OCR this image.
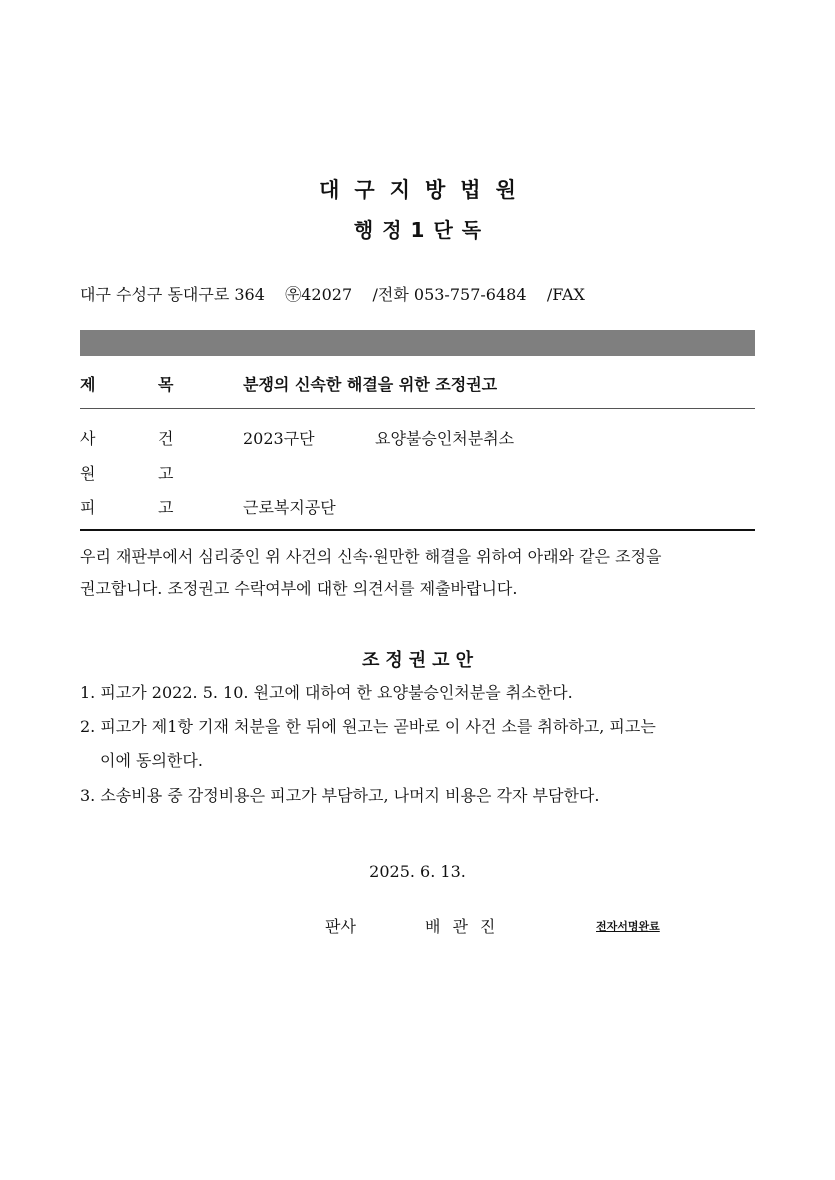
대구지방법원
행정1단독
대구 수성구 동대구로 364 ㉾42027 /전화 053-757-6484 /FAX
제	목	분쟁의 신속한 해결을 위한 조정권고
사	건	2023구단	요양불승인처분취소
원	고
피	고	근로복지공단
우리 재판부에서 심리중인 위 사건의 신속·원만한 해결을 위하여 아래와 같은 조정을
권고합니다. 조정권고 수락여부에 대한 의견서를 제출바랍니다.
조정권고안
1. 피고가 2022. 5. 10. 원고에 대하여 한 요양불승인처분을 취소한다.
2. 피고가 제1항 기재 처분을 한 뒤에 원고는 곧바로 이 사건 소를 취하하고, 피고는
이에 동의한다.
3. 소송비용 중 감정비용은 피고가 부담하고, 나머지 비용은 각자 부담한다.
2025. 6. 13.
판사	배관진	전자서명완료
